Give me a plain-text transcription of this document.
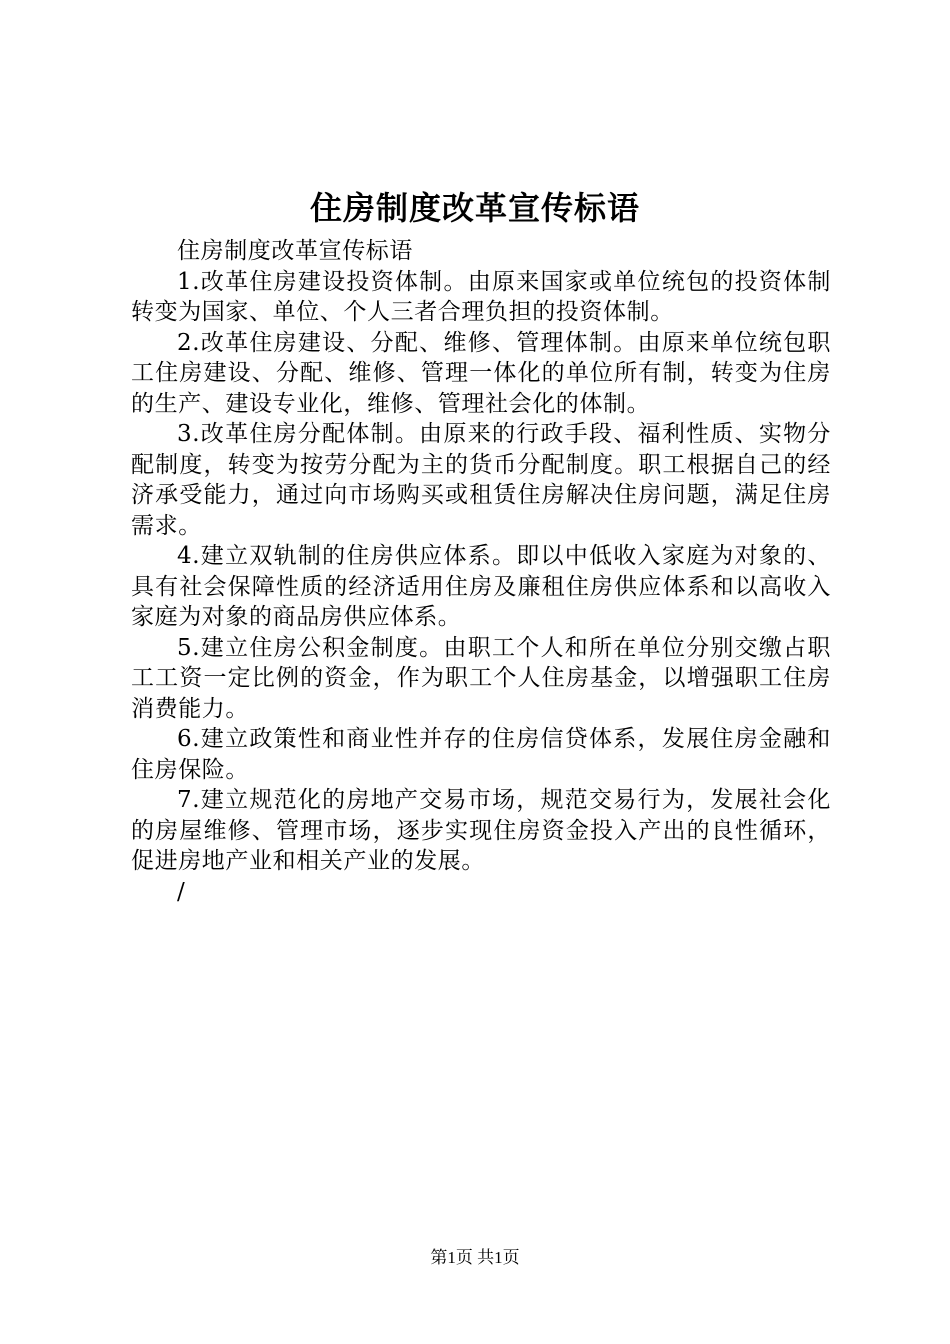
住房制度改革宣传标语

住房制度改革宣传标语

1.改革住房建设投资体制。由原来国家或单位统包的投资体制转变为国家、单位、个人三者合理负担的投资体制。

2.改革住房建设、分配、维修、管理体制。由原来单位统包职工住房建设、分配、维修、管理一体化的单位所有制，转变为住房的生产、建设专业化，维修、管理社会化的体制。

3.改革住房分配体制。由原来的行政手段、福利性质、实物分配制度，转变为按劳分配为主的货币分配制度。职工根据自己的经济承受能力，通过向市场购买或租赁住房解决住房问题，满足住房需求。

4.建立双轨制的住房供应体系。即以中低收入家庭为对象的、具有社会保障性质的经济适用住房及廉租住房供应体系和以高收入家庭为对象的商品房供应体系。

5.建立住房公积金制度。由职工个人和所在单位分别交缴占职工工资一定比例的资金，作为职工个人住房基金，以增强职工住房消费能力。

6.建立政策性和商业性并存的住房信贷体系，发展住房金融和住房保险。

7.建立规范化的房地产交易市场，规范交易行为，发展社会化的房屋维修、管理市场，逐步实现住房资金投入产出的良性循环，促进房地产业和相关产业的发展。

/

第1页 共1页
